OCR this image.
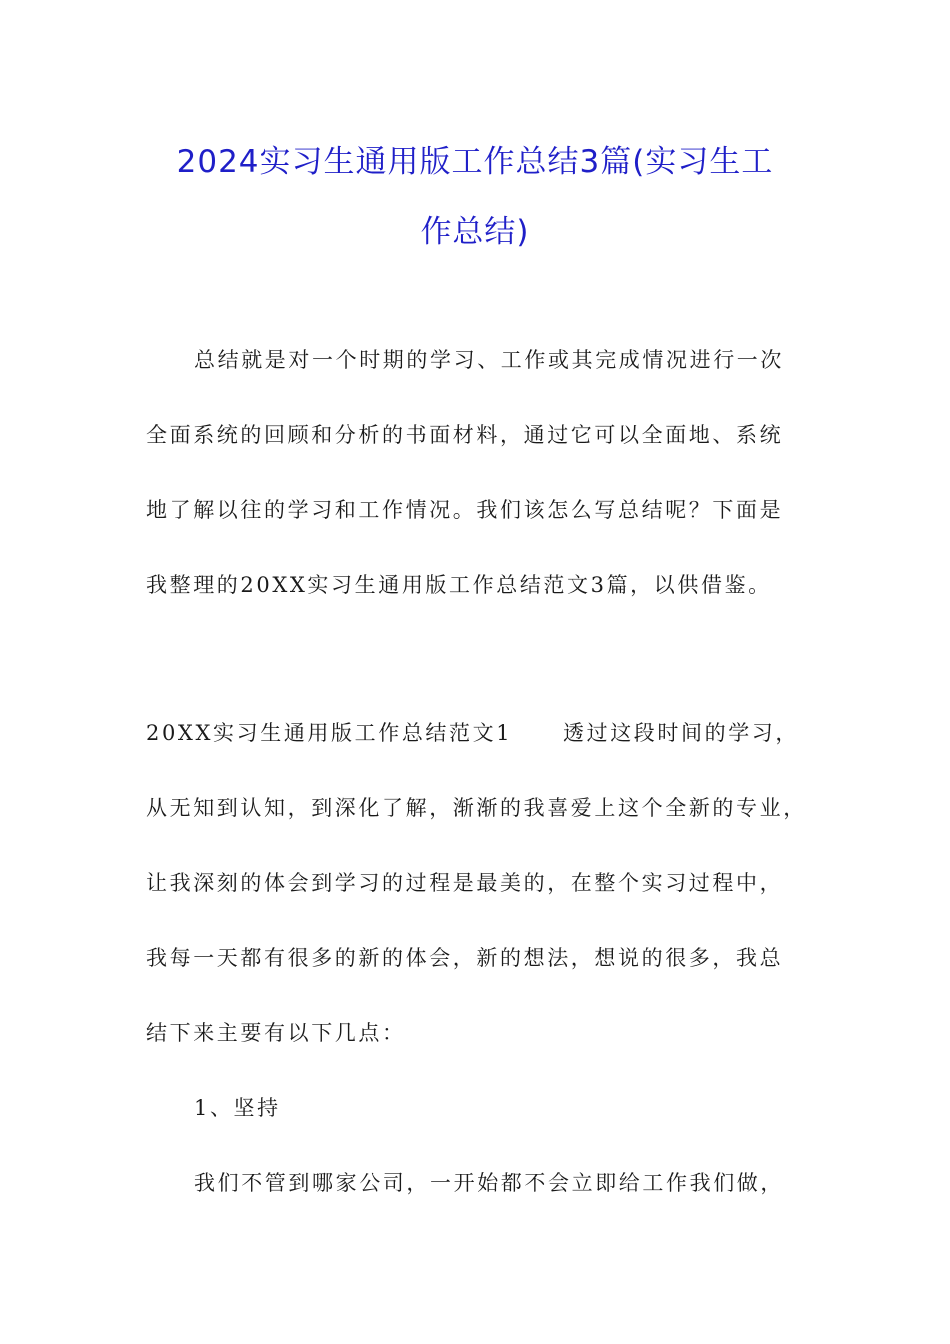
2024实习生通用版工作总结3篇(实习生工
作总结)
总结就是对一个时期的学习、工作或其完成情况进行一次
全面系统的回顾和分析的书面材料，通过它可以全面地、系统
地了解以往的学习和工作情况。我们该怎么写总结呢？下面是
我整理的20XX实习生通用版工作总结范文3篇，以供借鉴。
20XX实习生通用版工作总结范文1 透过这段时间的学习，
从无知到认知，到深化了解，渐渐的我喜爱上这个全新的专业，
让我深刻的体会到学习的过程是最美的，在整个实习过程中，
我每一天都有很多的新的体会，新的想法，想说的很多，我总
结下来主要有以下几点：
1、坚持
我们不管到哪家公司，一开始都不会立即给工作我们做，
